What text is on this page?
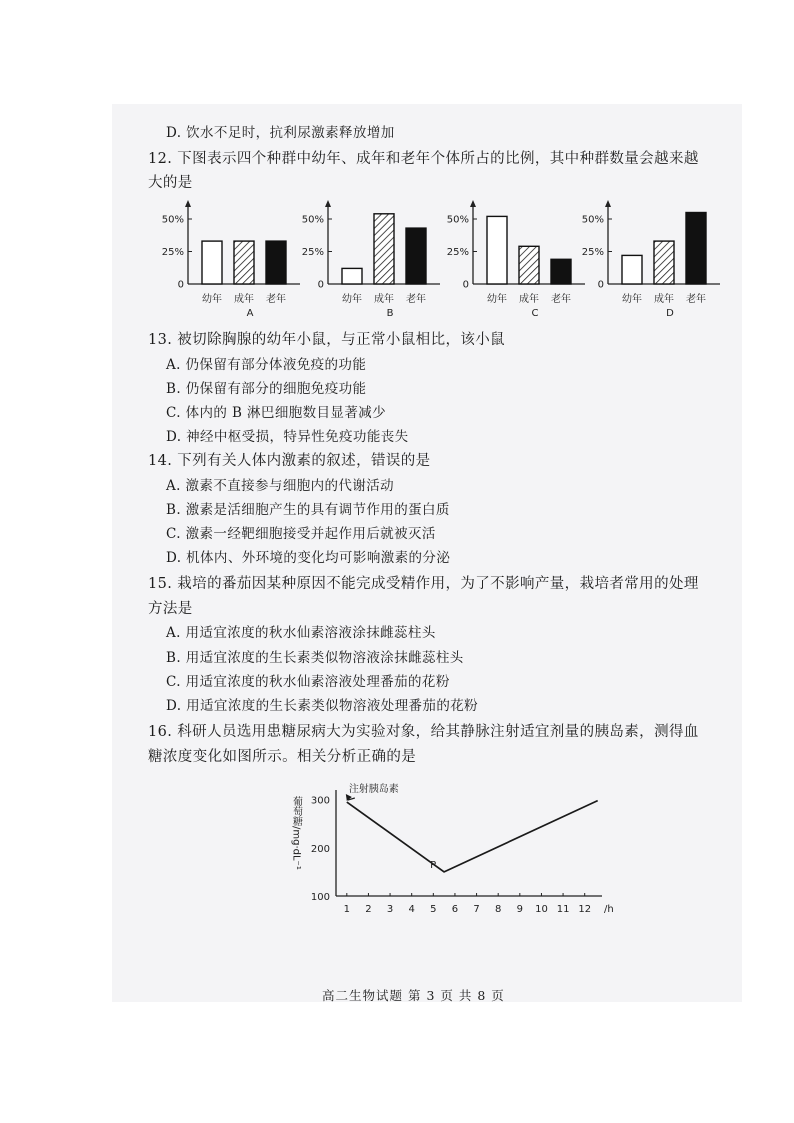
D. 饮水不足时，抗利尿激素释放增加
12. 下图表示四个种群中幼年、成年和老年个体所占的比例，其中种群数量会越来越
大的是
50%
25%
0
幼年 成年 老年
A
50%
25%
0
幼年 成年 老年
B
50%
25%
0
幼年 成年 老年
C
50%
25%
0
幼年 成年 老年
D
13. 被切除胸腺的幼年小鼠，与正常小鼠相比，该小鼠
A. 仍保留有部分体液免疫的功能
B. 仍保留有部分的细胞免疫功能
C. 体内的 B 淋巴细胞数目显著减少
D. 神经中枢受损，特异性免疫功能丧失
14. 下列有关人体内激素的叙述，错误的是
A. 激素不直接参与细胞内的代谢活动
B. 激素是活细胞产生的具有调节作用的蛋白质
C. 激素一经靶细胞接受并起作用后就被灭活
D. 机体内、外环境的变化均可影响激素的分泌
15. 栽培的番茄因某种原因不能完成受精作用，为了不影响产量，栽培者常用的处理
方法是
A. 用适宜浓度的秋水仙素溶液涂抹雌蕊柱头
B. 用适宜浓度的生长素类似物溶液涂抹雌蕊柱头
C. 用适宜浓度的秋水仙素溶液处理番茄的花粉
D. 用适宜浓度的生长素类似物溶液处理番茄的花粉
16. 科研人员选用患糖尿病大为实验对象，给其静脉注射适宜剂量的胰岛素，测得血
糖浓度变化如图所示。相关分析正确的是
300
200
100
1 2 3 4 5 6 7 8 9 10 11 12 /h
葡萄糖/mg·dL⁻¹
注射胰岛素
P
高二生物试题 第 3 页 共 8 页
